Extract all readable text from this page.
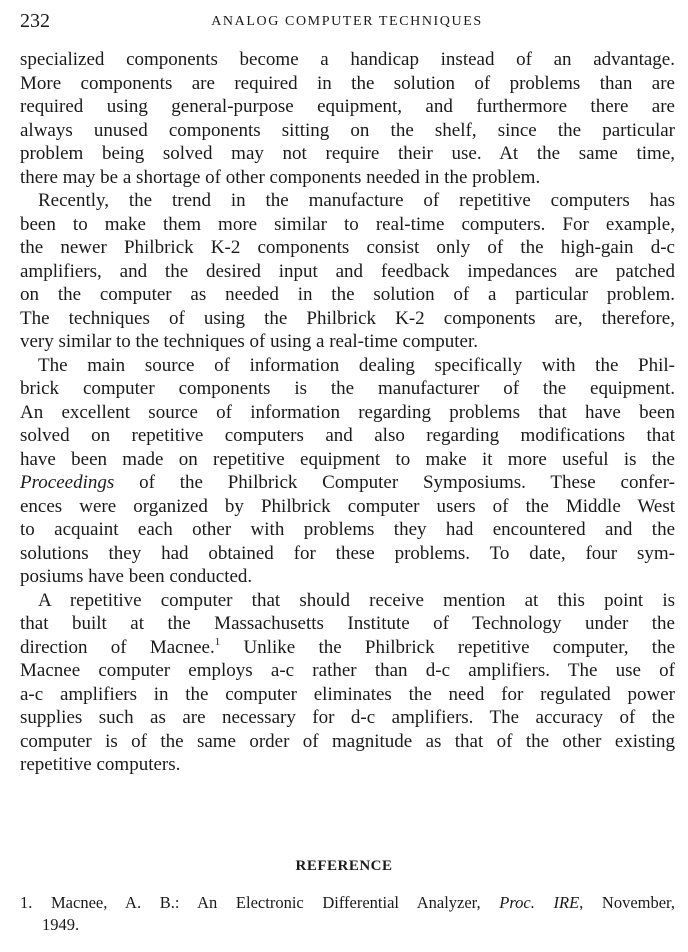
232	ANALOG COMPUTER TECHNIQUES
specialized components become a handicap instead of an advantage.
More components are required in the solution of problems than are
required using general-purpose equipment, and furthermore there are
always unused components sitting on the shelf, since the particular
problem being solved may not require their use. At the same time,
there may be a shortage of other components needed in the problem.
Recently, the trend in the manufacture of repetitive computers has
been to make them more similar to real-time computers. For example,
the newer Philbrick K-2 components consist only of the high-gain d-c
amplifiers, and the desired input and feedback impedances are patched
on the computer as needed in the solution of a particular problem.
The techniques of using the Philbrick K-2 components are, therefore,
very similar to the techniques of using a real-time computer.
The main source of information dealing specifically with the Phil-
brick computer components is the manufacturer of the equipment.
An excellent source of information regarding problems that have been
solved on repetitive computers and also regarding modifications that
have been made on repetitive equipment to make it more useful is the
Proceedings of the Philbrick Computer Symposiums. These confer-
ences were organized by Philbrick computer users of the Middle West
to acquaint each other with problems they had encountered and the
solutions they had obtained for these problems. To date, four sym-
posiums have been conducted.
A repetitive computer that should receive mention at this point is
that built at the Massachusetts Institute of Technology under the
direction of Macnee.$^1$ Unlike the Philbrick repetitive computer, the
Macnee computer employs a-c rather than d-c amplifiers. The use of
a-c amplifiers in the computer eliminates the need for regulated power
supplies such as are necessary for d-c amplifiers. The accuracy of the
computer is of the same order of magnitude as that of the other existing
repetitive computers.
REFERENCE
1. Macnee, A. B.: An Electronic Differential Analyzer, Proc. IRE, November,
1949.
